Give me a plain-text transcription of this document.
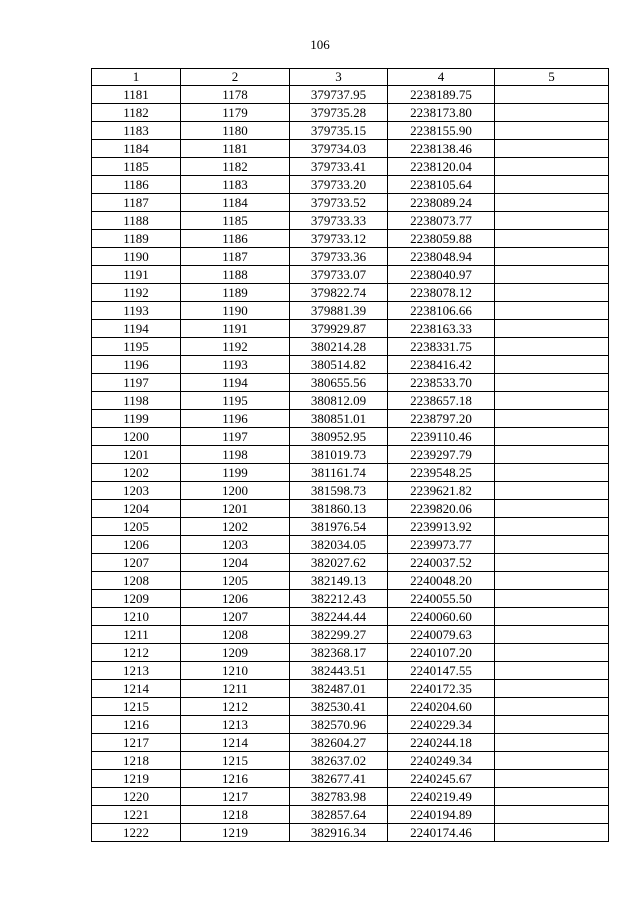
106
1	2	3	4	5
1181	1178	379737.95	2238189.75	
1182	1179	379735.28	2238173.80	
1183	1180	379735.15	2238155.90	
1184	1181	379734.03	2238138.46	
1185	1182	379733.41	2238120.04	
1186	1183	379733.20	2238105.64	
1187	1184	379733.52	2238089.24	
1188	1185	379733.33	2238073.77	
1189	1186	379733.12	2238059.88	
1190	1187	379733.36	2238048.94	
1191	1188	379733.07	2238040.97	
1192	1189	379822.74	2238078.12	
1193	1190	379881.39	2238106.66	
1194	1191	379929.87	2238163.33	
1195	1192	380214.28	2238331.75	
1196	1193	380514.82	2238416.42	
1197	1194	380655.56	2238533.70	
1198	1195	380812.09	2238657.18	
1199	1196	380851.01	2238797.20	
1200	1197	380952.95	2239110.46	
1201	1198	381019.73	2239297.79	
1202	1199	381161.74	2239548.25	
1203	1200	381598.73	2239621.82	
1204	1201	381860.13	2239820.06	
1205	1202	381976.54	2239913.92	
1206	1203	382034.05	2239973.77	
1207	1204	382027.62	2240037.52	
1208	1205	382149.13	2240048.20	
1209	1206	382212.43	2240055.50	
1210	1207	382244.44	2240060.60	
1211	1208	382299.27	2240079.63	
1212	1209	382368.17	2240107.20	
1213	1210	382443.51	2240147.55	
1214	1211	382487.01	2240172.35	
1215	1212	382530.41	2240204.60	
1216	1213	382570.96	2240229.34	
1217	1214	382604.27	2240244.18	
1218	1215	382637.02	2240249.34	
1219	1216	382677.41	2240245.67	
1220	1217	382783.98	2240219.49	
1221	1218	382857.64	2240194.89	
1222	1219	382916.34	2240174.46	
